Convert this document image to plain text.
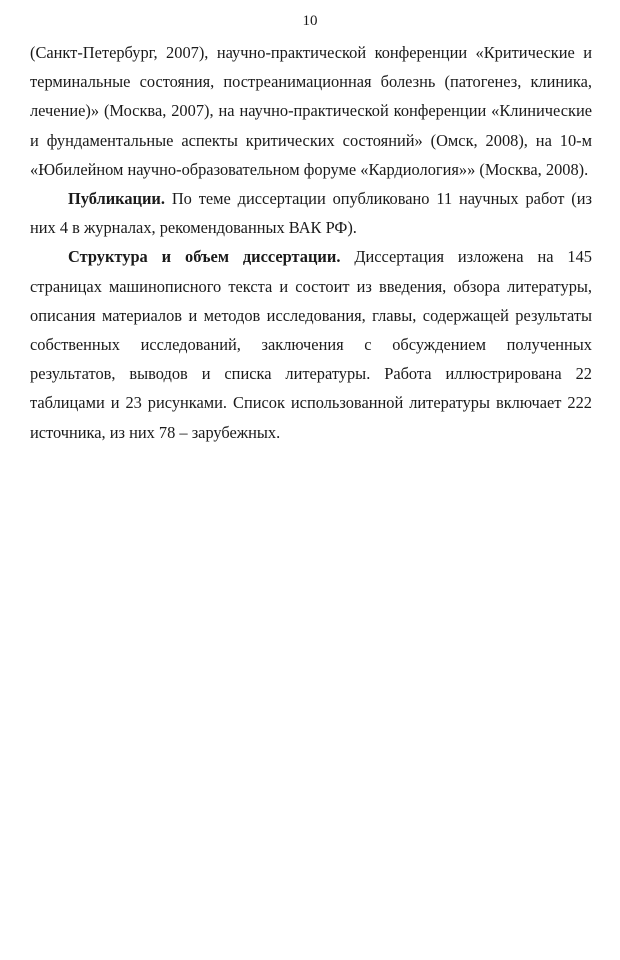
10

(Санкт-Петербург, 2007), научно-практической конференции «Критические и терминальные состояния, постреанимационная болезнь (патогенез, клиника, лечение)» (Москва, 2007), на научно-практической конференции «Клинические и фундаментальные аспекты критических состояний» (Омск, 2008), на 10-м «Юбилейном научно-образовательном форуме «Кардиология»» (Москва, 2008).

Публикации. По теме диссертации опубликовано 11 научных работ (из них 4 в журналах, рекомендованных ВАК РФ).

Структура и объем диссертации. Диссертация изложена на 145 страницах машинописного текста и состоит из введения, обзора литературы, описания материалов и методов исследования, главы, содержащей результаты собственных исследований, заключения с обсуждением полученных результатов, выводов и списка литературы. Работа иллюстрирована 22 таблицами и 23 рисунками. Список использованной литературы включает 222 источника, из них 78 – зарубежных.
